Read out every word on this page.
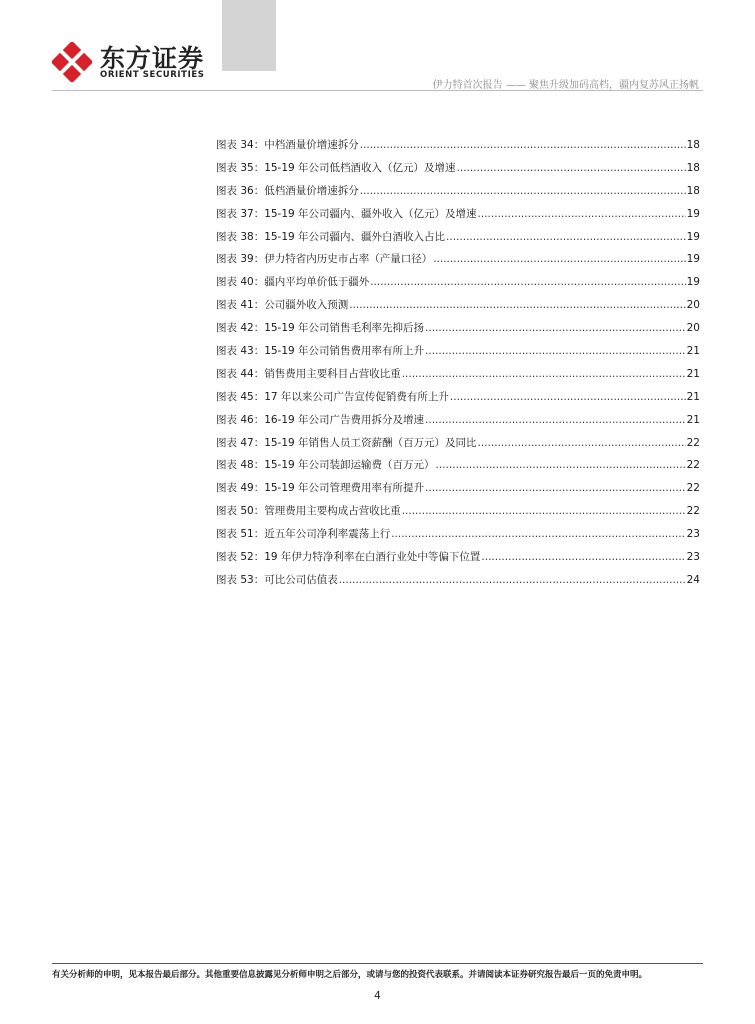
东方证券
ORIENT SECURITIES
伊力特首次报告 —— 聚焦升级加码高档，疆内复苏风正扬帆
图表 34：中档酒量价增速拆分 .....	18
图表 35：15-19 年公司低档酒收入（亿元）及增速 .....	18
图表 36：低档酒量价增速拆分 .....	18
图表 37：15-19 年公司疆内、疆外收入（亿元）及增速 .....	19
图表 38：15-19 年公司疆内、疆外白酒收入占比 .....	19
图表 39：伊力特省内历史市占率（产量口径） .....	19
图表 40：疆内平均单价低于疆外 .....	19
图表 41：公司疆外收入预测 .....	20
图表 42：15-19 年公司销售毛利率先抑后扬 .....	20
图表 43：15-19 年公司销售费用率有所上升 .....	21
图表 44：销售费用主要科目占营收比重 .....	21
图表 45：17 年以来公司广告宣传促销费有所上升 .....	21
图表 46：16-19 年公司广告费用拆分及增速 .....	21
图表 47：15-19 年销售人员工资薪酬（百万元）及同比 .....	22
图表 48：15-19 年公司装卸运输费（百万元） .....	22
图表 49：15-19 年公司管理费用率有所提升 .....	22
图表 50：管理费用主要构成占营收比重 .....	22
图表 51：近五年公司净利率震荡上行 .....	23
图表 52：19 年伊力特净利率在白酒行业处中等偏下位置 .....	23
图表 53：可比公司估值表 .....	24
有关分析师的申明，见本报告最后部分。其他重要信息披露见分析师申明之后部分，或请与您的投资代表联系。并请阅读本证券研究报告最后一页的免责申明。
4
